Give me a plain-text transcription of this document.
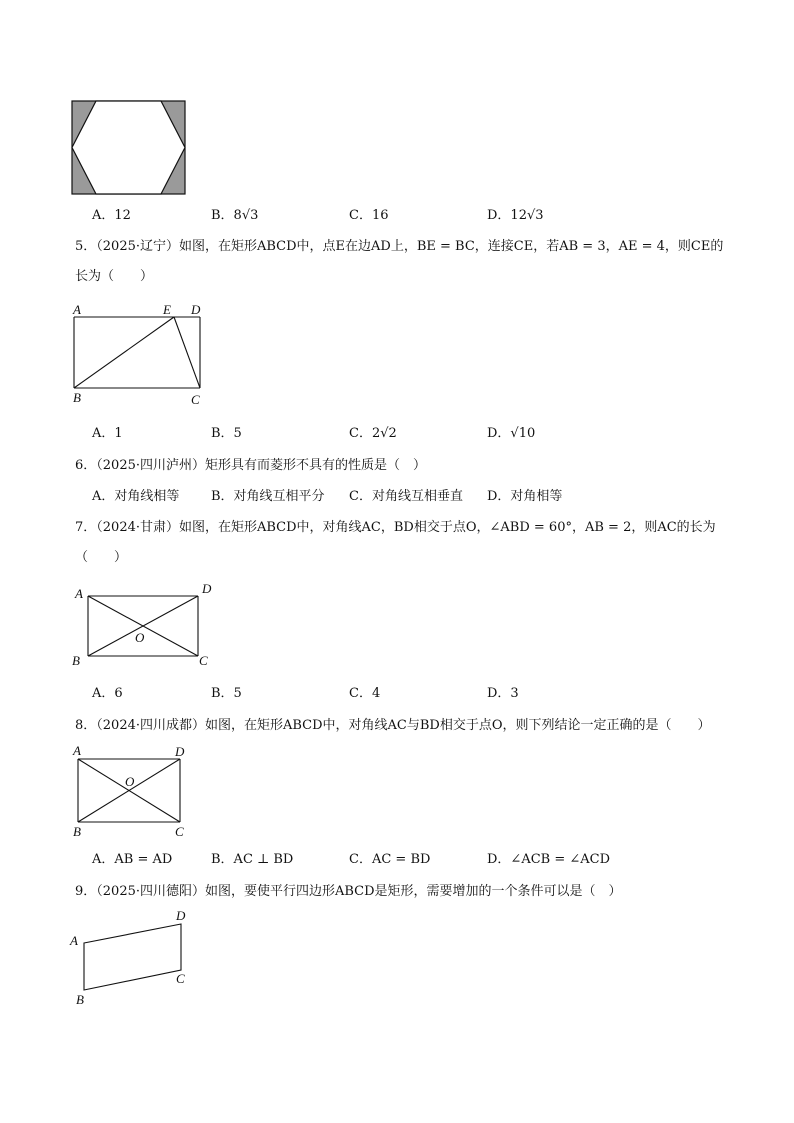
A．12	B．8√3	C．16	D．12√3
5．（2025·辽宁）如图，在矩形ABCD中，点E在边AD上，BE = BC，连接CE，若AB = 3，AE = 4，则CE的
长为（　　）
A	E D
B	C
A．1	B．5	C．2√2	D．√10
6．（2025·四川泸州）矩形具有而菱形不具有的性质是（　）
A．对角线相等 B．对角线互相平分 C．对角线互相垂直 D．对角相等
7．（2024·甘肃）如图，在矩形ABCD中，对角线AC，BD相交于点O，∠ABD = 60°，AB = 2，则AC的长为
（　　）
A	D
O
B	C
A．6	B．5	C．4	D．3
8．（2024·四川成都）如图，在矩形ABCD中，对角线AC与BD相交于点O，则下列结论一定正确的是（　　）
A	D
O
B	C
A．AB = AD	B．AC ⊥ BD	C．AC = BD	D．∠ACB = ∠ACD
9．（2025·四川德阳）如图，要使平行四边形ABCD是矩形，需要增加的一个条件可以是（　）
A
D
B
C
